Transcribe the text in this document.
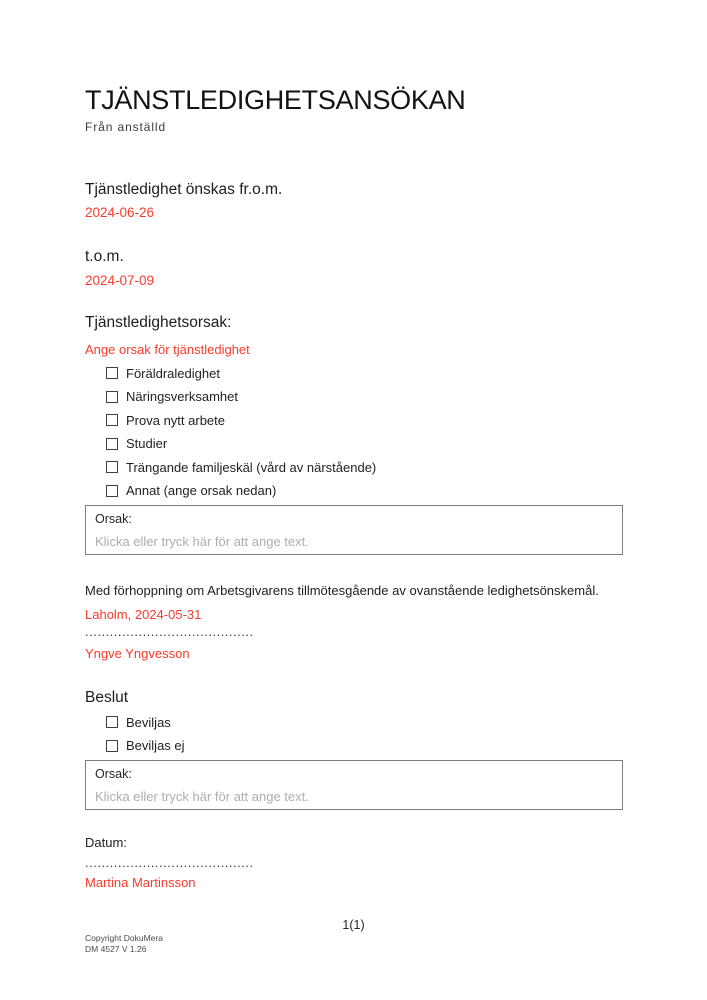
TJÄNSTLEDIGHETSANSÖKAN
Från anställd
Tjänstledighet önskas fr.o.m.
2024-06-26
t.o.m.
2024-07-09
Tjänstledighetsorsak:
Ange orsak för tjänstledighet
Föräldraledighet
Näringsverksamhet
Prova nytt arbete
Studier
Trängande familjeskäl (vård av närstående)
Annat (ange orsak nedan)
Orsak:
Klicka eller tryck här för att ange text.
Med förhoppning om Arbetsgivarens tillmötesgående av ovanstående ledighetsönskemål.
Laholm, 2024-05-31
.........................................
Yngve Yngvesson
Beslut
Beviljas
Beviljas ej
Orsak:
Klicka eller tryck här för att ange text.
Datum:
.........................................
Martina Martinsson
1(1)
Copyright DokuMera
DM 4527 V 1.26
